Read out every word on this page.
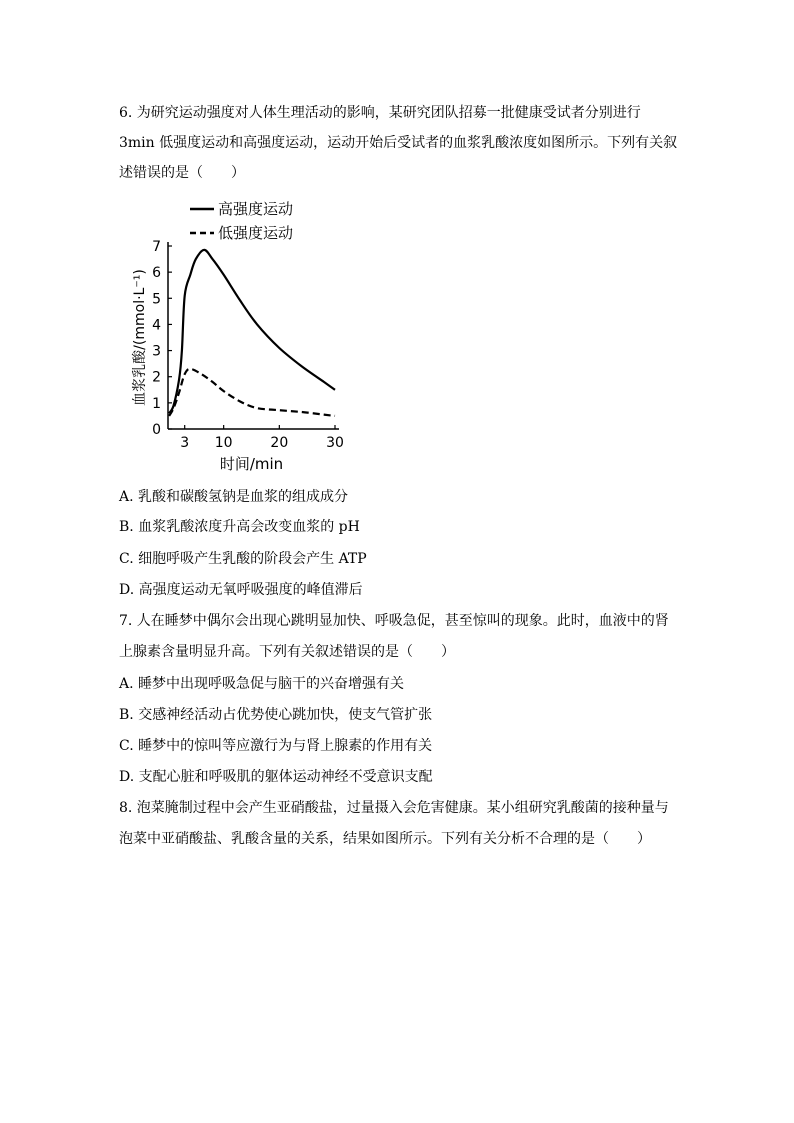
6. 为研究运动强度对人体生理活动的影响，某研究团队招募一批健康受试者分别进行
3min 低强度运动和高强度运动，运动开始后受试者的血浆乳酸浓度如图所示。下列有关叙
述错误的是（　　）
高强度运动
低强度运动
0
1
2
3
4
5
6
7
3 10	20	30
血浆乳酸/(mmol·L⁻¹)
时间/min
A. 乳酸和碳酸氢钠是血浆的组成成分
B. 血浆乳酸浓度升高会改变血浆的 pH
C. 细胞呼吸产生乳酸的阶段会产生 ATP
D. 高强度运动无氧呼吸强度的峰值滞后
7. 人在睡梦中偶尔会出现心跳明显加快、呼吸急促，甚至惊叫的现象。此时，血液中的肾
上腺素含量明显升高。下列有关叙述错误的是（　　）
A. 睡梦中出现呼吸急促与脑干的兴奋增强有关
B. 交感神经活动占优势使心跳加快，使支气管扩张
C. 睡梦中的惊叫等应激行为与肾上腺素的作用有关
D. 支配心脏和呼吸肌的躯体运动神经不受意识支配
8. 泡菜腌制过程中会产生亚硝酸盐，过量摄入会危害健康。某小组研究乳酸菌的接种量与
泡菜中亚硝酸盐、乳酸含量的关系，结果如图所示。下列有关分析不合理的是（　　）
